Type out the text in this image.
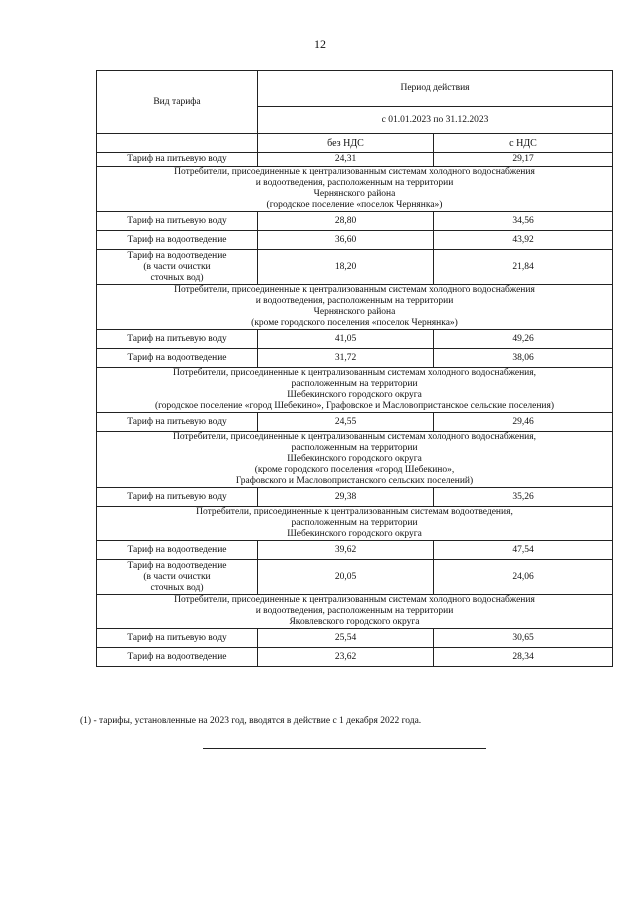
12
Вид тарифа	Период действия	
	с 01.01.2023 по 31.12.2023	
	без НДС	с НДС
Тариф на питьевую воду	24,31	29,17

Потребители, присоединенные к централизованным системам холодного водоснабжения
и водоотведения, расположенным на территории
Чернянского района
(городское поселение «поселок Чернянка»)		

Тариф на питьевую воду	28,80	34,56
Тариф на водоотведение	36,60	43,92

Тариф на водоотведение
(в части очистки
сточных вод)	18,20	21,84

Потребители, присоединенные к централизованным системам холодного водоснабжения
и водоотведения, расположенным на территории
Чернянского района
(кроме городского поселения «поселок Чернянка»)		

Тариф на питьевую воду	41,05	49,26
Тариф на водоотведение	31,72	38,06

Потребители, присоединенные к централизованным системам холодного водоснабжения,
расположенным на территории
Шебекинского городского округа
(городское поселение «город Шебекино», Графовское и Масловопристанское сельские поселения)		

Тариф на питьевую воду	24,55	29,46

Потребители, присоединенные к централизованным системам холодного водоснабжения,
расположенным на территории
Шебекинского городского округа
(кроме городского поселения «город Шебекино»,
Графовского и Масловопристанского сельских поселений)		

Тариф на питьевую воду	29,38	35,26

Потребители, присоединенные к централизованным системам водоотведения,
расположенным на территории
Шебекинского городского округа		

Тариф на водоотведение	39,62	47,54

Тариф на водоотведение
(в части очистки
сточных вод)	20,05	24,06

Потребители, присоединенные к централизованным системам холодного водоснабжения
и водоотведения, расположенным на территории
Яковлевского городского округа		

Тариф на питьевую воду	25,54	30,65
Тариф на водоотведение	23,62	28,34
(1) - тарифы, установленные на 2023 год, вводятся в действие с 1 декабря 2022 года.
